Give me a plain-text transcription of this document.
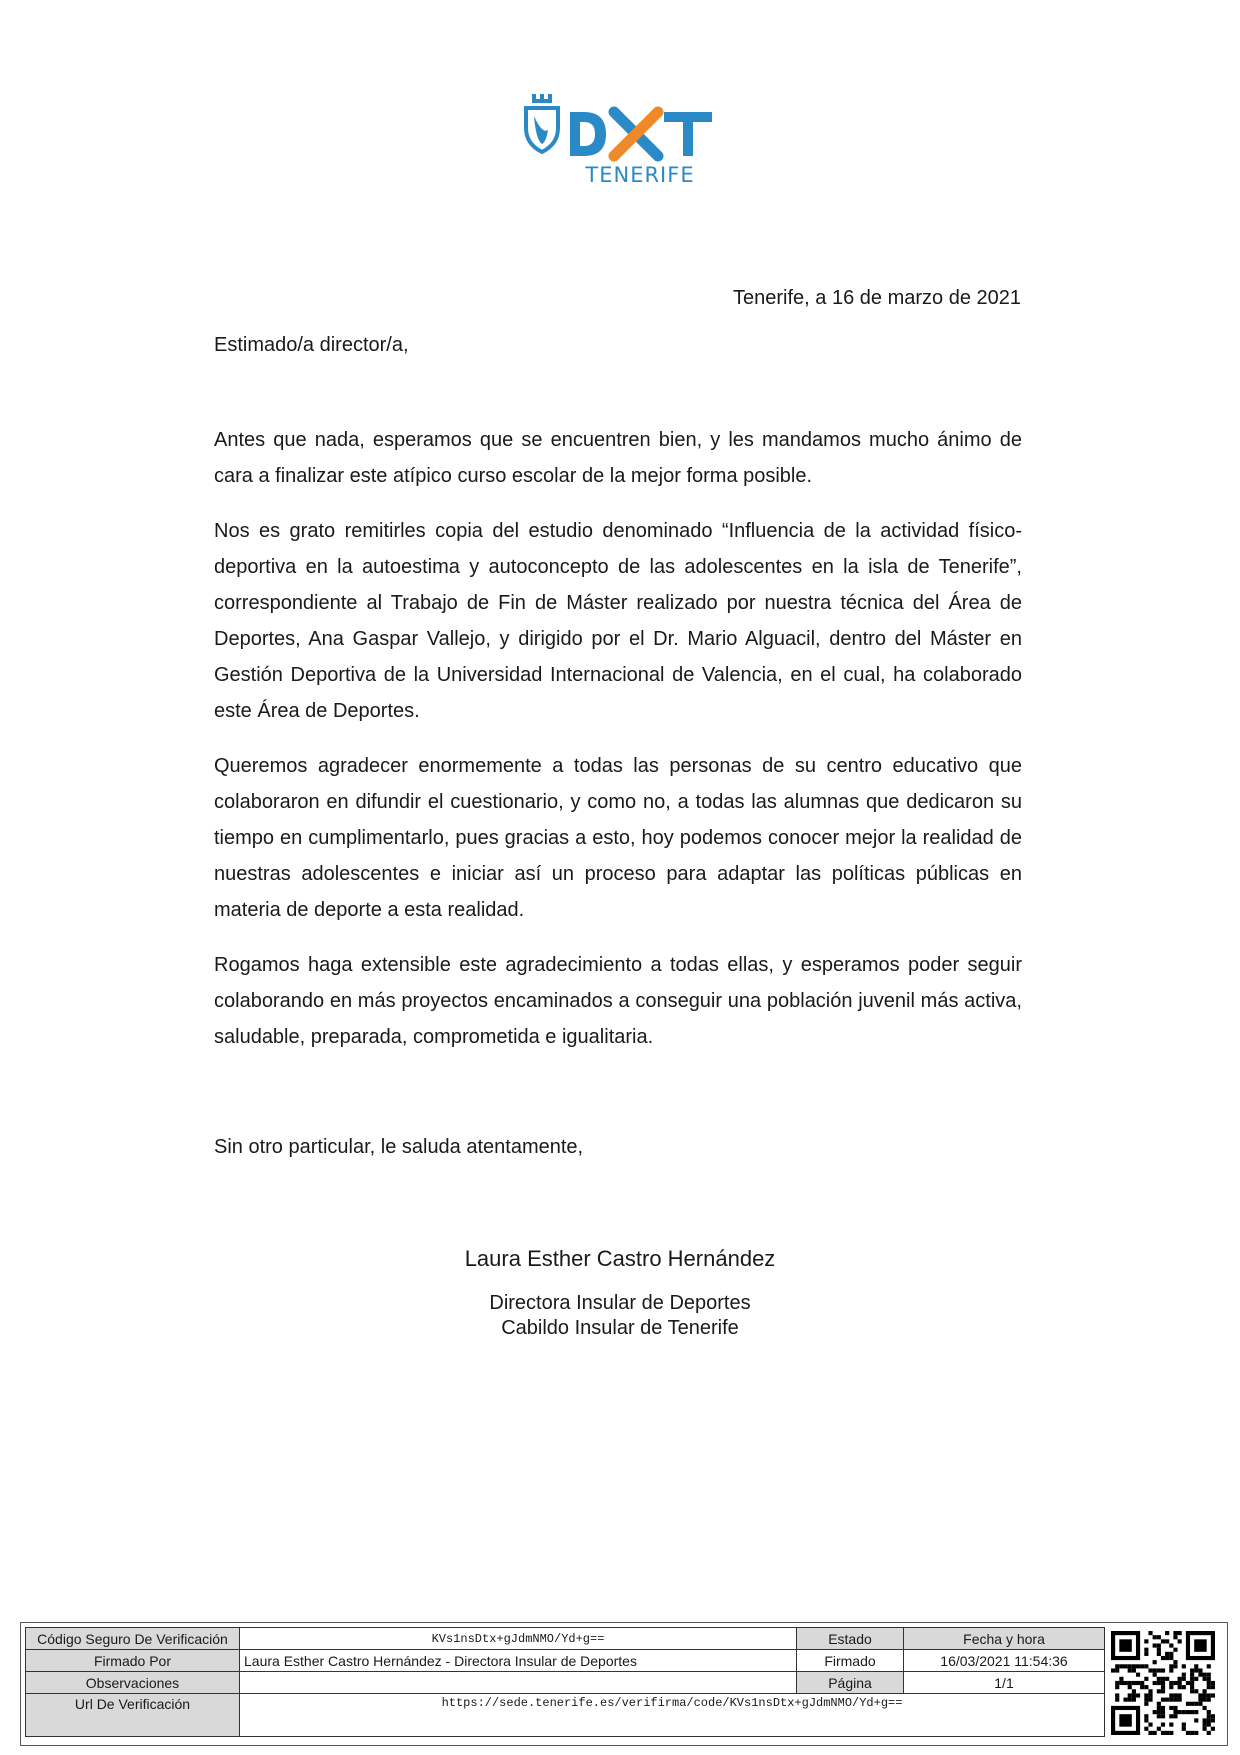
TENERIFE
Tenerife, a 16 de marzo de 2021
Estimado/a director/a,

Antes que nada, esperamos que se encuentren bien, y les mandamos mucho ánimo de cara a finalizar este atípico curso escolar de la mejor forma posible.

Nos es grato remitirles copia del estudio denominado “Influencia de la actividad físico-deportiva en la autoestima y autoconcepto de las adolescentes en la isla de Tenerife”, correspondiente al Trabajo de Fin de Máster realizado por nuestra técnica del Área de Deportes, Ana Gaspar Vallejo, y dirigido por el Dr. Mario Alguacil, dentro del Máster en Gestión Deportiva de la Universidad Internacional de Valencia, en el cual, ha colaborado este Área de Deportes.

Queremos agradecer enormemente a todas las personas de su centro educativo que colaboraron en difundir el cuestionario, y como no, a todas las alumnas que dedicaron su tiempo en cumplimentarlo, pues gracias a esto, hoy podemos conocer mejor la realidad de nuestras adolescentes e iniciar así un proceso para adaptar las políticas públicas en materia de deporte a esta realidad.

Rogamos haga extensible este agradecimiento a todas ellas, y esperamos poder seguir colaborando en más proyectos encaminados a conseguir una población juvenil más activa, saludable, preparada, comprometida e igualitaria.

Sin otro particular, le saluda atentamente,
Laura Esther Castro Hernández
Directora Insular de Deportes
Cabildo Insular de Tenerife
Código Seguro De Verificación	KVs1nsDtx+gJdmNMO/Yd+g==	Estado	Fecha y hora
Firmado Por	Laura Esther Castro Hernández - Directora Insular de Deportes	Firmado	16/03/2021 11:54:36
Observaciones		Página	1/1
Url De Verificación	https://sede.tenerife.es/verifirma/code/KVs1nsDtx+gJdmNMO/Yd+g==		
